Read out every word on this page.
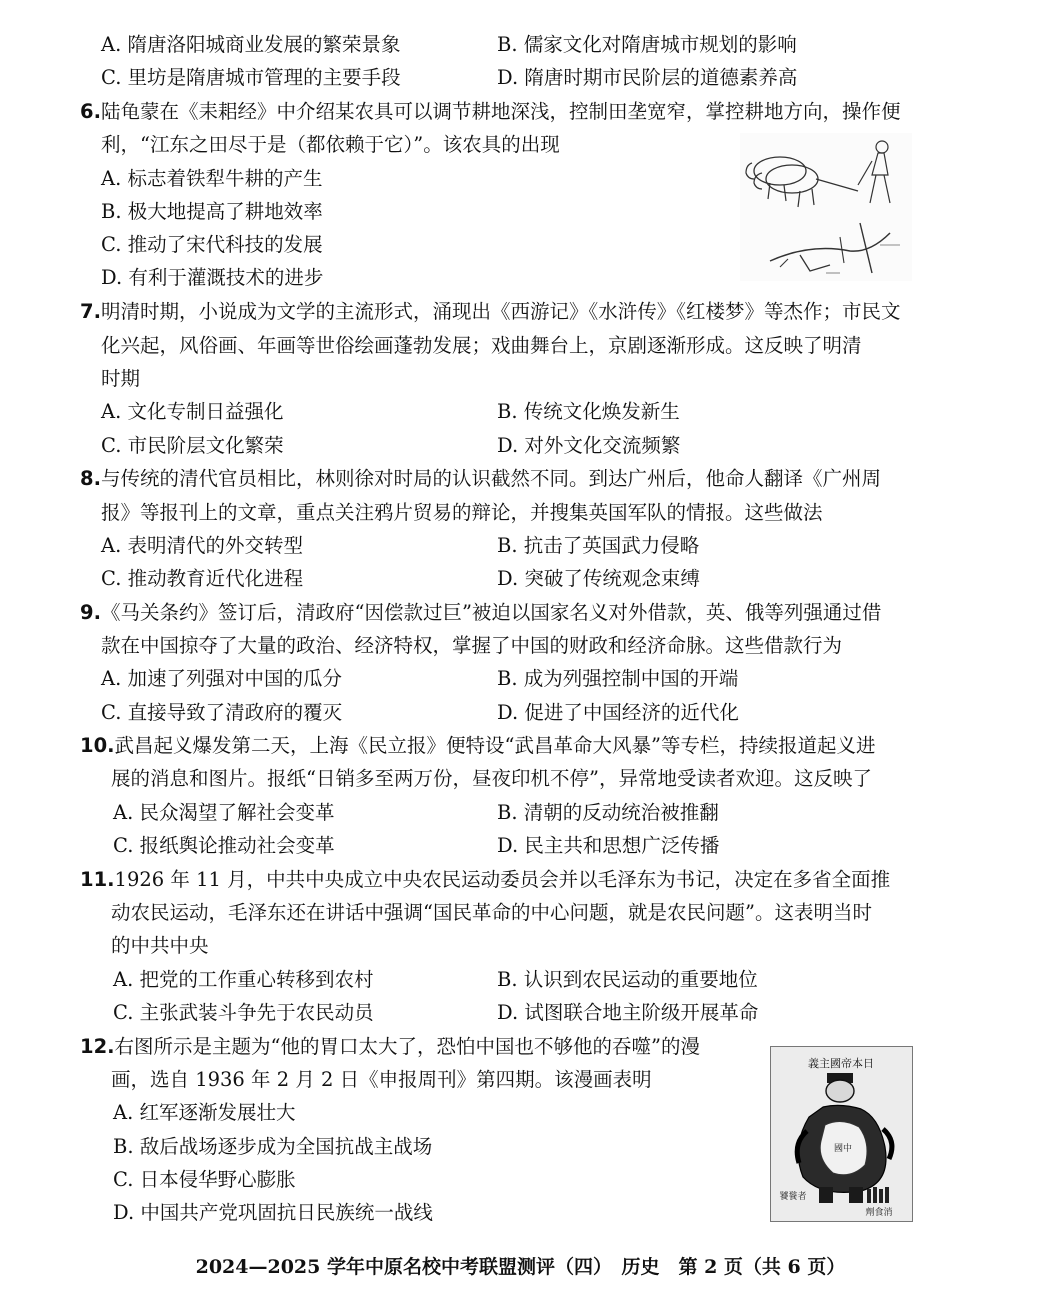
A. 隋唐洛阳城商业发展的繁荣景象	B. 儒家文化对隋唐城市规划的影响
C. 里坊是隋唐城市管理的主要手段	D. 隋唐时期市民阶层的道德素养高
6.陆龟蒙在《耒耜经》中介绍某农具可以调节耕地深浅，控制田垄宽窄，掌控耕地方向，操作便
利，“江东之田尽于是（都依赖于它）”。该农具的出现
A. 标志着铁犁牛耕的产生
B. 极大地提高了耕地效率
C. 推动了宋代科技的发展
D. 有利于灌溉技术的进步
7.明清时期，小说成为文学的主流形式，涌现出《西游记》《水浒传》《红楼梦》等杰作；市民文
化兴起，风俗画、年画等世俗绘画蓬勃发展；戏曲舞台上，京剧逐渐形成。这反映了明清
时期
A. 文化专制日益强化	B. 传统文化焕发新生
C. 市民阶层文化繁荣	D. 对外文化交流频繁
8.与传统的清代官员相比，林则徐对时局的认识截然不同。到达广州后，他命人翻译《广州周
报》等报刊上的文章，重点关注鸦片贸易的辩论，并搜集英国军队的情报。这些做法
A. 表明清代的外交转型	B. 抗击了英国武力侵略
C. 推动教育近代化进程	D. 突破了传统观念束缚
9.《马关条约》签订后，清政府“因偿款过巨”被迫以国家名义对外借款，英、俄等列强通过借
款在中国掠夺了大量的政治、经济特权，掌握了中国的财政和经济命脉。这些借款行为
A. 加速了列强对中国的瓜分	B. 成为列强控制中国的开端
C. 直接导致了清政府的覆灭	D. 促进了中国经济的近代化
10.武昌起义爆发第二天，上海《民立报》便特设“武昌革命大风暴”等专栏，持续报道起义进
展的消息和图片。报纸“日销多至两万份，昼夜印机不停”，异常地受读者欢迎。这反映了
A. 民众渴望了解社会变革	B. 清朝的反动统治被推翻
C. 报纸舆论推动社会变革	D. 民主共和思想广泛传播
11.1926 年 11 月，中共中央成立中央农民运动委员会并以毛泽东为书记，决定在多省全面推
动农民运动，毛泽东还在讲话中强调“国民革命的中心问题，就是农民问题”。这表明当时
的中共中央
A. 把党的工作重心转移到农村	B. 认识到农民运动的重要地位
C. 主张武装斗争先于农民动员	D. 试图联合地主阶级开展革命
12.右图所示是主题为“他的胃口太大了，恐怕中国也不够他的吞噬”的漫
画，选自 1936 年 2 月 2 日《申报周刊》第四期。该漫画表明
A. 红军逐渐发展壮大
B. 敌后战场逐步成为全国抗战主战场
C. 日本侵华野心膨胀
D. 中国共产党巩固抗日民族统一战线
義主國帝本日
國中
饕餮者
劑食消
2024—2025 学年中原名校中考联盟测评（四）　历史　第 2 页（共 6 页）
